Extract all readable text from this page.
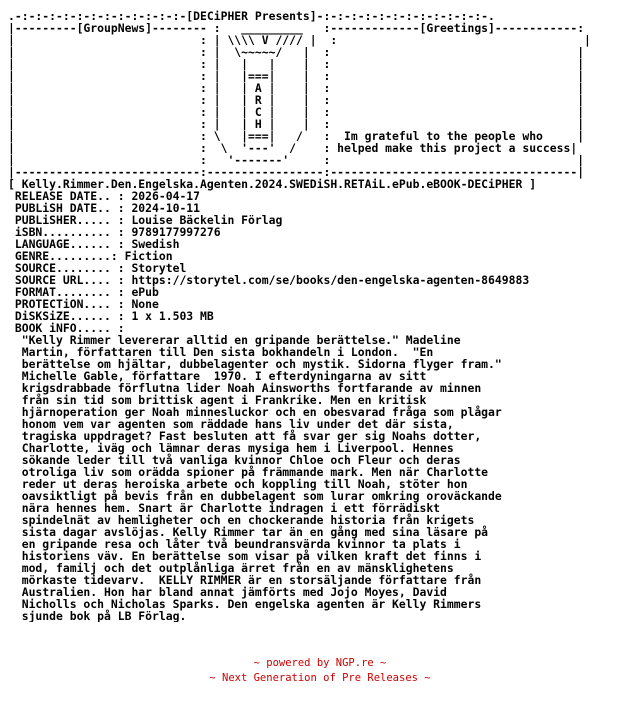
.-:-:-:-:-:-:-:-:-:-:-:-:-[DECiPHER Presents]-:-:-:-:-:-:-:-:-:-:-:-:-.
|---------[GroupNews]-------- :   _________   :-------------[Greetings]------------:
|                           : | \\\\ V //// |  :                                    |
|                           : |  \~~~~~/   |  :                                    |
|                           : |   |   |    |  :                                    |
|                           : |   |===|    |  :                                    |
|                           : |   | A |    |  :                                    |
|                           : |   | R |    |  :                                    |
|                           : |   | C |    |  :                                    |
|                           : |   | H |    |  :                                    |
|                           : \   |===|   /   :  Im grateful to the people who     |
|                           :  \  '---'  /    : helped make this project a success|
|                           :   '-------'     :                                    |
|---------------------------:-----------------:------------------------------------|
[ Kelly.Rimmer.Den.Engelska.Agenten.2024.SWEDiSH.RETAiL.ePub.eBOOK-DECiPHER ]
RELEASE DATE.. : 2026-04-17
PUBLiSH DATE.. : 2024-10-11
PUBLiSHER..... : Louise Bäckelin Förlag
iSBN.......... : 9789177997276
LANGUAGE...... : Swedish
GENRE.........: Fiction
SOURCE........ : Storytel
SOURCE URL.... : https://storytel.com/se/books/den-engelska-agenten-8649883
FORMAT........ : ePub
PROTECTiON.... : None
DiSKSiZE...... : 1 x 1.503 MB
BOOK iNFO..... :
"Kelly Rimmer levererar alltid en gripande berättelse." Madeline
Martin, författaren till Den sista bokhandeln i London.  "En
berättelse om hjältar, dubbelagenter och mystik. Sidorna flyger fram."
Michelle Gable, författare  1970. I efterdyningarna av sitt
krigsdrabbade förflutna lider Noah Ainsworths fortfarande av minnen
från sin tid som brittisk agent i Frankrike. Men en kritisk
hjärnoperation ger Noah minnesluckor och en obesvarad fråga som plågar
honom vem var agenten som räddade hans liv under det där sista,
tragiska uppdraget? Fast besluten att få svar ger sig Noahs dotter,
Charlotte, iväg och lämnar deras mysiga hem i Liverpool. Hennes
sökande leder till två vanliga kvinnor Chloe och Fleur och deras
otroliga liv som orädda spioner på främmande mark. Men när Charlotte
reder ut deras heroiska arbete och koppling till Noah, stöter hon
oavsiktligt på bevis från en dubbelagent som lurar omkring oroväckande
nära hennes hem. Snart är Charlotte indragen i ett förrädiskt
spindelnät av hemligheter och en chockerande historia från krigets
sista dagar avslöjas. Kelly Rimmer tar än en gång med sina läsare på
en gripande resa och låter två beundransvärda kvinnor ta plats i
historiens väv. En berättelse som visar på vilken kraft det finns i
mod, familj och det outplånliga ärret från en av mänsklighetens
mörkaste tidevarv.  KELLY RIMMER är en storsäljande författare från
Australien. Hon har bland annat jämförts med Jojo Moyes, David
Nicholls och Nicholas Sparks. Den engelska agenten är Kelly Rimmers
sjunde bok på LB Förlag.
~ powered by NGP.re ~
~ Next Generation of Pre Releases ~
